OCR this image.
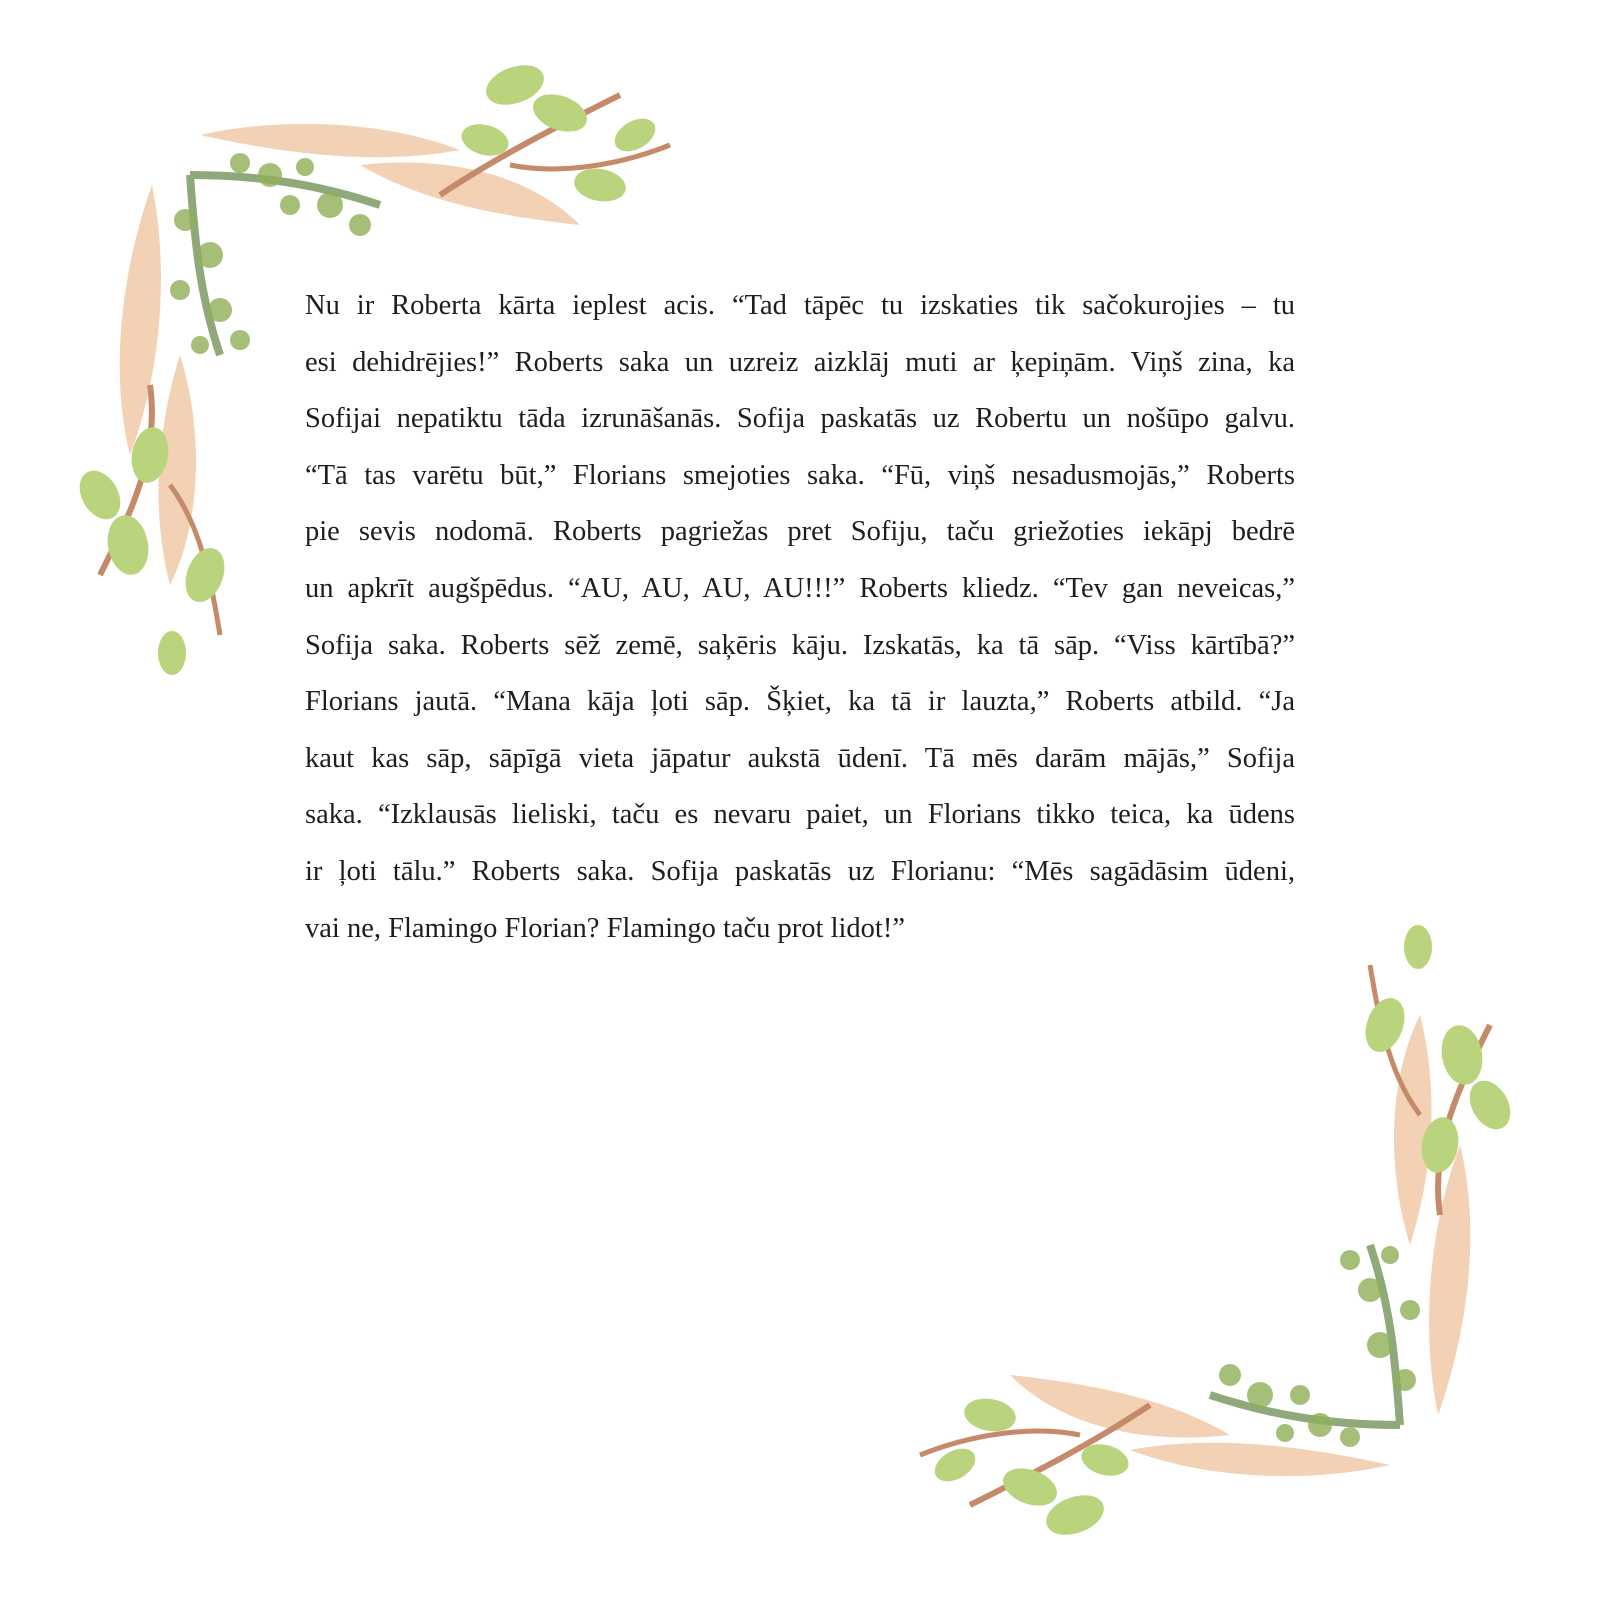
Nu ir Roberta kārta ieplest acis. “Tad tāpēc tu izskaties tik sačokurojies – tu
esi dehidrējies!” Roberts saka un uzreiz aizklāj muti ar ķepiņām. Viņš zina, ka
Sofijai nepatiktu tāda izrunāšanās. Sofija paskatās uz Robertu un nošūpo galvu.
“Tā tas varētu būt,” Florians smejoties saka. “Fū, viņš nesadusmojās,” Roberts
pie sevis nodomā. Roberts pagriežas pret Sofiju, taču griežoties iekāpj bedrē
un apkrīt augšpēdus. “AU, AU, AU, AU!!!” Roberts kliedz. “Tev gan neveicas,”
Sofija saka. Roberts sēž zemē, saķēris kāju. Izskatās, ka tā sāp. “Viss kārtībā?”
Florians jautā. “Mana kāja ļoti sāp. Šķiet, ka tā ir lauzta,” Roberts atbild. “Ja
kaut kas sāp, sāpīgā vieta jāpatur aukstā ūdenī. Tā mēs darām mājās,” Sofija
saka. “Izklausās lieliski, taču es nevaru paiet, un Florians tikko teica, ka ūdens
ir ļoti tālu.” Roberts saka. Sofija paskatās uz Florianu: “Mēs sagādāsim ūdeni,
vai ne, Flamingo Florian? Flamingo taču prot lidot!”
